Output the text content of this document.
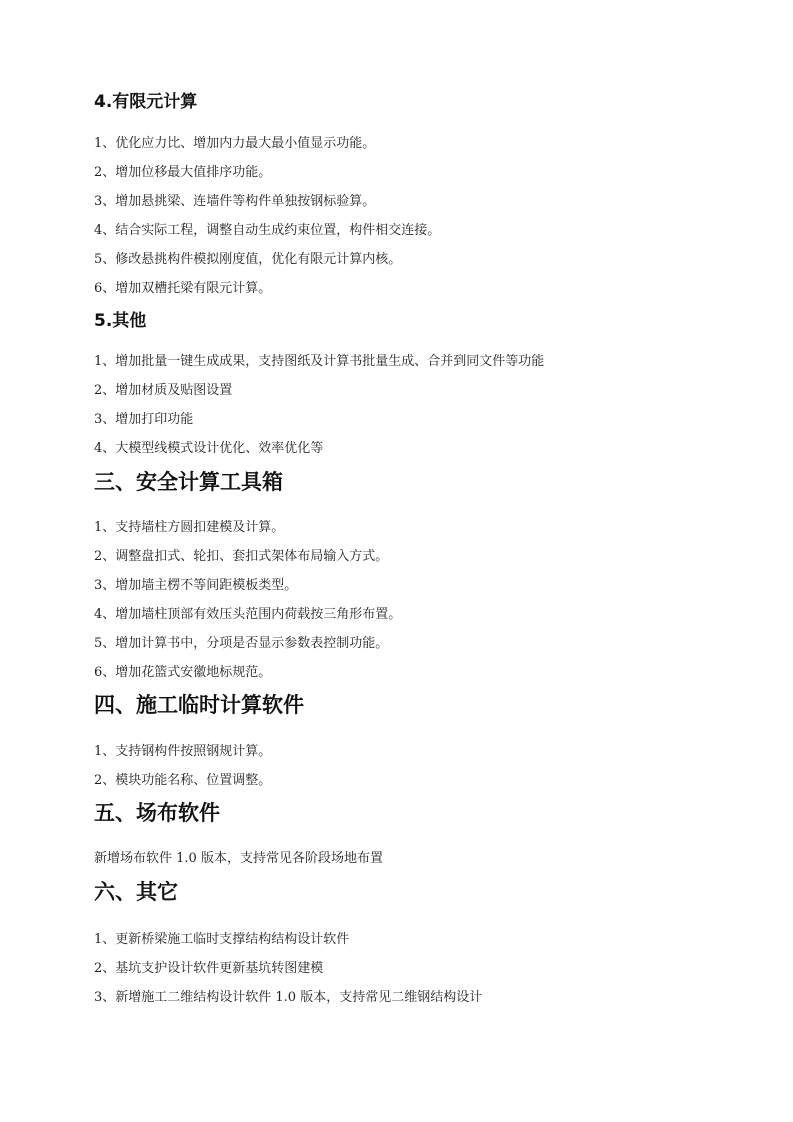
4.有限元计算
1、优化应力比、增加内力最大最小值显示功能。
2、增加位移最大值排序功能。
3、增加悬挑梁、连墙件等构件单独按钢标验算。
4、结合实际工程，调整自动生成约束位置，构件相交连接。
5、修改悬挑构件模拟刚度值，优化有限元计算内核。
6、增加双槽托梁有限元计算。
5.其他
1、增加批量一键生成成果，支持图纸及计算书批量生成、合并到同文件等功能
2、增加材质及贴图设置
3、增加打印功能
4、大模型线模式设计优化、效率优化等
三、安全计算工具箱
1、支持墙柱方圆扣建模及计算。
2、调整盘扣式、轮扣、套扣式架体布局输入方式。
3、增加墙主楞不等间距模板类型。
4、增加墙柱顶部有效压头范围内荷载按三角形布置。
5、增加计算书中，分项是否显示参数表控制功能。
6、增加花篮式安徽地标规范。
四、施工临时计算软件
1、支持钢构件按照钢规计算。
2、模块功能名称、位置调整。
五、场布软件
新增场布软件 1.0 版本，支持常见各阶段场地布置
六、其它
1、更新桥梁施工临时支撑结构结构设计软件
2、基坑支护设计软件更新基坑转图建模
3、新增施工二维结构设计软件 1.0 版本，支持常见二维钢结构设计
